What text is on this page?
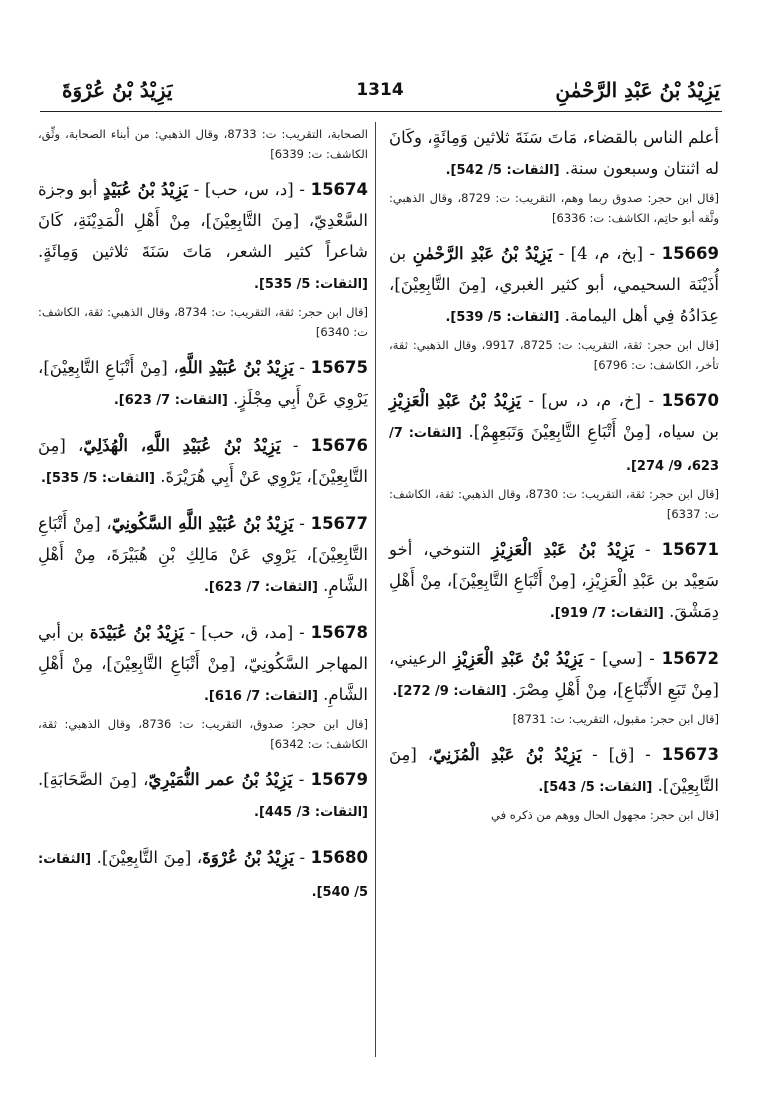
يَزِيْدُ بْنُ عَبْدِ الرَّحْمٰنِ
1314
يَزِيْدُ بْنُ عُرْوَةَ

أعلم الناس بالقضاء، مَاتَ سَنَةَ ثلاثين وَمِائَةٍ، وكَانَ له اثنتان وسبعون سنة. [الثقات: 5/ 542].

[قال ابن حجر: صدوق ربما وهم، التقريب: ت: 8729، وقال الذهبي: وثَّقه أبو حاتِم، الكاشف: ت: 6336]

15669 - [بخ، م، 4] - يَزِيْدُ بْنُ عَبْدِ الرَّحْمٰنِ بن أُذَيْنَة السحيمي، أبو كثير الغبري، [مِنَ التَّابِعِيْنَ]، عِدَادُهُ فِي أهل اليمامة. [الثقات: 5/ 539].

[قال ابن حجر: ثقة، التقريب: ت: 8725، 9917، وقال الذهبي: ثقة، تأخر، الكاشف: ت: 6796]

15670 - [خ، م، د، س] - يَزِيْدُ بْنُ عَبْدِ الْعَزِيْزِ بن سياه، [مِنْ أَتْبَاعِ التَّابِعِيْنَ وَتَبَعِهِمْ]. [الثقات: 7/ 623، 9/ 274].

[قال ابن حجر: ثقة، التقريب: ت: 8730، وقال الذهبي: ثقة، الكاشف: ت: 6337]

15671 - يَزِيْدُ بْنُ عَبْدِ الْعَزِيْزِ التنوخي، أخو سَعِيْد بن عَبْدِ الْعَزِيْزِ، [مِنْ أَتْبَاعِ التَّابِعِيْنَ]، مِنْ أَهْلِ دِمَشْقَ. [الثقات: 7/ 919].

15672 - [سي] - يَزِيْدُ بْنُ عَبْدِ الْعَزِيْزِ الرعيني، [مِنْ تَبَعِ الأَتْبَاعِ]، مِنْ أَهْلِ مِصْرَ. [الثقات: 9/ 272].

[قال ابن حجر: مقبول، التقريب: ت: 8731]

15673 - [ق] - يَزِيْدُ بْنُ عَبْدِ الْمُزَنِيّ، [مِنَ التَّابِعِيْنَ]. [الثقات: 5/ 543].

[قال ابن حجر: مجهول الحال ووهم من ذكره في
الصحابة، التقريب: ت: 8733، وقال الذهبي: من أبناء الصحابة، وثِّق، الكاشف: ت: 6339]

15674 - [د، س، حب] - يَزِيْدُ بْنُ عُبَيْدٍ أبو وجزة السَّعْدِيّ، [مِنَ التَّابِعِيْنَ]، مِنْ أَهْلِ الْمَدِيْنَةِ، كَانَ شاعراً كثير الشعر، مَاتَ سَنَةَ ثلاثين وَمِائَةٍ. [الثقات: 5/ 535].

[قال ابن حجر: ثقة، التقريب: ت: 8734، وقال الذهبي: ثقة، الكاشف: ت: 6340]

15675 - يَزِيْدُ بْنُ عُبَيْدِ اللَّهِ، [مِنْ أَتْبَاعِ التَّابِعِيْنَ]، يَرْوِي عَنْ أَبِي مِجْلَزٍ. [الثقات: 7/ 623].

15676 - يَزِيْدُ بْنُ عُبَيْدِ اللَّهِ، الْهُذَلِيّ، [مِنَ التَّابِعِيْنَ]، يَرْوِي عَنْ أَبِي هُرَيْرَةَ. [الثقات: 5/ 535].

15677 - يَزِيْدُ بْنُ عُبَيْدِ اللَّهِ السَّكُونِيّ، [مِنْ أَتْبَاعِ التَّابِعِيْنَ]، يَرْوِي عَنْ مَالِكِ بْنِ هُبَيْرَةَ، مِنْ أَهْلِ الشَّامِ. [الثقات: 7/ 623].

15678 - [مد، ق، حب] - يَزِيْدُ بْنُ عُبَيْدَة بن أبي المهاجر السَّكُونِيّ، [مِنْ أَتْبَاعِ التَّابِعِيْنَ]، مِنْ أَهْلِ الشَّامِ. [الثقات: 7/ 616].

[قال ابن حجر: صدوق، التقريب: ت: 8736، وقال الذهبي: ثقة، الكاشف: ت: 6342]

15679 - يَزِيْدُ بْنُ عمر النُّمَيْرِيّ، [مِنَ الصَّحَابَةِ]. [الثقات: 3/ 445].

15680 - يَزِيْدُ بْنُ عُرْوَةَ، [مِنَ التَّابِعِيْنَ]. [الثقات: 5/ 540].
